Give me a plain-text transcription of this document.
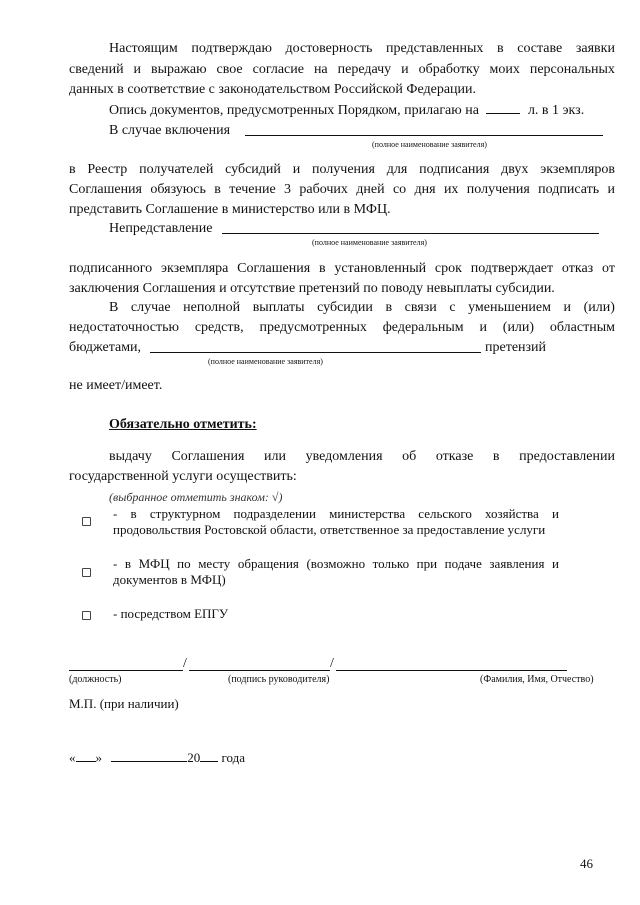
Настоящим подтверждаю достоверность представленных в составе заявки
сведений и выражаю свое согласие на передачу и обработку моих персональных
данных в соответствие с законодательством Российской Федерации.
Опись документов, предусмотренных Порядком, прилагаю на	л. в 1 экз.
В случае включения
(полное наименование заявителя)
в Реестр получателей субсидий и получения для подписания двух экземпляров
Соглашения обязуюсь в течение 3 рабочих дней со дня их получения подписать и
представить Соглашение в министерство или в МФЦ.
Непредставление
(полное наименование заявителя)
подписанного экземпляра Соглашения в установленный срок подтверждает отказ от
заключения Соглашения и отсутствие претензий по поводу невыплаты субсидии.
В случае неполной выплаты субсидии в связи с уменьшением и (или)
недостаточностью средств, предусмотренных федеральным и (или) областным
бюджетами,	претензий
(полное наименование заявителя)
не имеет/имеет.
Обязательно отметить:
выдачу Соглашения или уведомления об отказе в предоставлении
государственной услуги осуществить:
(выбранное отметить знаком: √)
- в структурном подразделении министерства сельского хозяйства и
продовольствия Ростовской области, ответственное за предоставление услуги
- в МФЦ по месту обращения (возможно только при подаче заявления и
документов в МФЦ)
- посредством ЕПГУ
/	/
(должность)	(подпись руководителя)	(Фамилия, Имя, Отчество)
М.П. (при наличии)
« »	20 года
46
